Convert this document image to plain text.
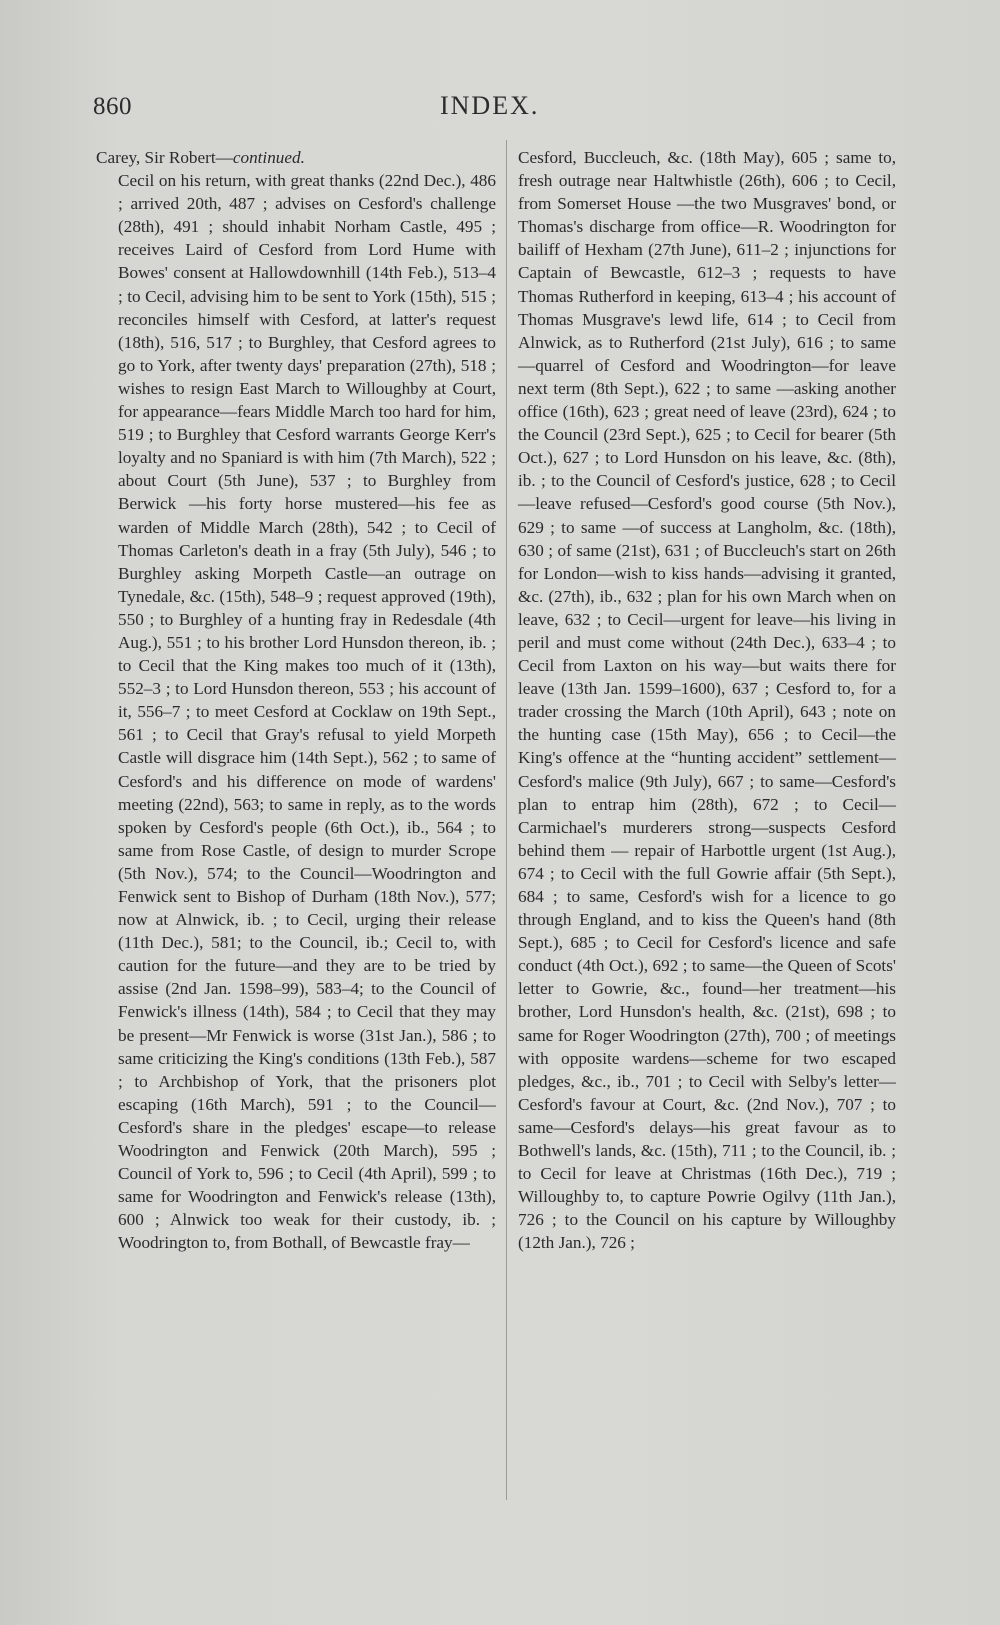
860	INDEX.
Carey, Sir Robert—continued.
Cecil on his return, with great thanks (22nd Dec.), 486 ; arrived 20th, 487 ; advises on Cesford's challenge (28th), 491 ; should inhabit Norham Castle, 495 ; receives Laird of Cesford from Lord Hume with Bowes' consent at Hallowdownhill (14th Feb.), 513–4 ; to Cecil, advising him to be sent to York (15th), 515 ; reconciles himself with Cesford, at latter's request (18th), 516, 517 ; to Burghley, that Cesford agrees to go to York, after twenty days' preparation (27th), 518 ; wishes to resign East March to Willoughby at Court, for appearance—fears Middle March too hard for him, 519 ; to Burghley that Cesford warrants George Kerr's loyalty and no Spaniard is with him (7th March), 522 ; about Court (5th June), 537 ; to Burghley from Berwick —his forty horse mustered—his fee as warden of Middle March (28th), 542 ; to Cecil of Thomas Carleton's death in a fray (5th July), 546 ; to Burghley asking Morpeth Castle—an outrage on Tynedale, &c. (15th), 548–9 ; request approved (19th), 550 ; to Burghley of a hunting fray in Redesdale (4th Aug.), 551 ; to his brother Lord Hunsdon thereon, ib. ; to Cecil that the King makes too much of it (13th), 552–3 ; to Lord Hunsdon thereon, 553 ; his account of it, 556–7 ; to meet Cesford at Cocklaw on 19th Sept., 561 ; to Cecil that Gray's refusal to yield Morpeth Castle will disgrace him (14th Sept.), 562 ; to same of Cesford's and his difference on mode of wardens' meeting (22nd), 563; to same in reply, as to the words spoken by Cesford's people (6th Oct.), ib., 564 ; to same from Rose Castle, of design to murder Scrope (5th Nov.), 574; to the Council—Woodrington and Fenwick sent to Bishop of Durham (18th Nov.), 577; now at Alnwick, ib. ; to Cecil, urging their release (11th Dec.), 581; to the Council, ib.; Cecil to, with caution for the future—and they are to be tried by assise (2nd Jan. 1598–99), 583–4; to the Council of Fenwick's illness (14th), 584 ; to Cecil that they may be present—Mr Fenwick is worse (31st Jan.), 586 ; to same criticizing the King's conditions (13th Feb.), 587 ; to Archbishop of York, that the prisoners plot escaping (16th March), 591 ; to the Council—Cesford's share in the pledges' escape—to release Woodrington and Fenwick (20th March), 595 ; Council of York to, 596 ; to Cecil (4th April), 599 ; to same for Woodrington and Fenwick's release (13th), 600 ; Alnwick too weak for their custody, ib. ; Woodrington to, from Bothall, of Bewcastle fray—
Cesford, Buccleuch, &c. (18th May), 605 ; same to, fresh outrage near Haltwhistle (26th), 606 ; to Cecil, from Somerset House —the two Musgraves' bond, or Thomas's discharge from office—R. Woodrington for bailiff of Hexham (27th June), 611–2 ; injunctions for Captain of Bewcastle, 612–3 ; requests to have Thomas Rutherford in keeping, 613–4 ; his account of Thomas Musgrave's lewd life, 614 ; to Cecil from Alnwick, as to Rutherford (21st July), 616 ; to same —quarrel of Cesford and Woodrington—for leave next term (8th Sept.), 622 ; to same —asking another office (16th), 623 ; great need of leave (23rd), 624 ; to the Council (23rd Sept.), 625 ; to Cecil for bearer (5th Oct.), 627 ; to Lord Hunsdon on his leave, &c. (8th), ib. ; to the Council of Cesford's justice, 628 ; to Cecil—leave refused—Cesford's good course (5th Nov.), 629 ; to same —of success at Langholm, &c. (18th), 630 ; of same (21st), 631 ; of Buccleuch's start on 26th for London—wish to kiss hands—advising it granted, &c. (27th), ib., 632 ; plan for his own March when on leave, 632 ; to Cecil—urgent for leave—his living in peril and must come without (24th Dec.), 633–4 ; to Cecil from Laxton on his way—but waits there for leave (13th Jan. 1599–1600), 637 ; Cesford to, for a trader crossing the March (10th April), 643 ; note on the hunting case (15th May), 656 ; to Cecil—the King's offence at the “hunting accident” settlement—Cesford's malice (9th July), 667 ; to same—Cesford's plan to entrap him (28th), 672 ; to Cecil—Carmichael's murderers strong—suspects Cesford behind them — repair of Harbottle urgent (1st Aug.), 674 ; to Cecil with the full Gowrie affair (5th Sept.), 684 ; to same, Cesford's wish for a licence to go through England, and to kiss the Queen's hand (8th Sept.), 685 ; to Cecil for Cesford's licence and safe conduct (4th Oct.), 692 ; to same—the Queen of Scots' letter to Gowrie, &c., found—her treatment—his brother, Lord Hunsdon's health, &c. (21st), 698 ; to same for Roger Woodrington (27th), 700 ; of meetings with opposite wardens—scheme for two escaped pledges, &c., ib., 701 ; to Cecil with Selby's letter—Cesford's favour at Court, &c. (2nd Nov.), 707 ; to same—Cesford's delays—his great favour as to Bothwell's lands, &c. (15th), 711 ; to the Council, ib. ; to Cecil for leave at Christmas (16th Dec.), 719 ; Willoughby to, to capture Powrie Ogilvy (11th Jan.), 726 ; to the Council on his capture by Willoughby (12th Jan.), 726 ;
